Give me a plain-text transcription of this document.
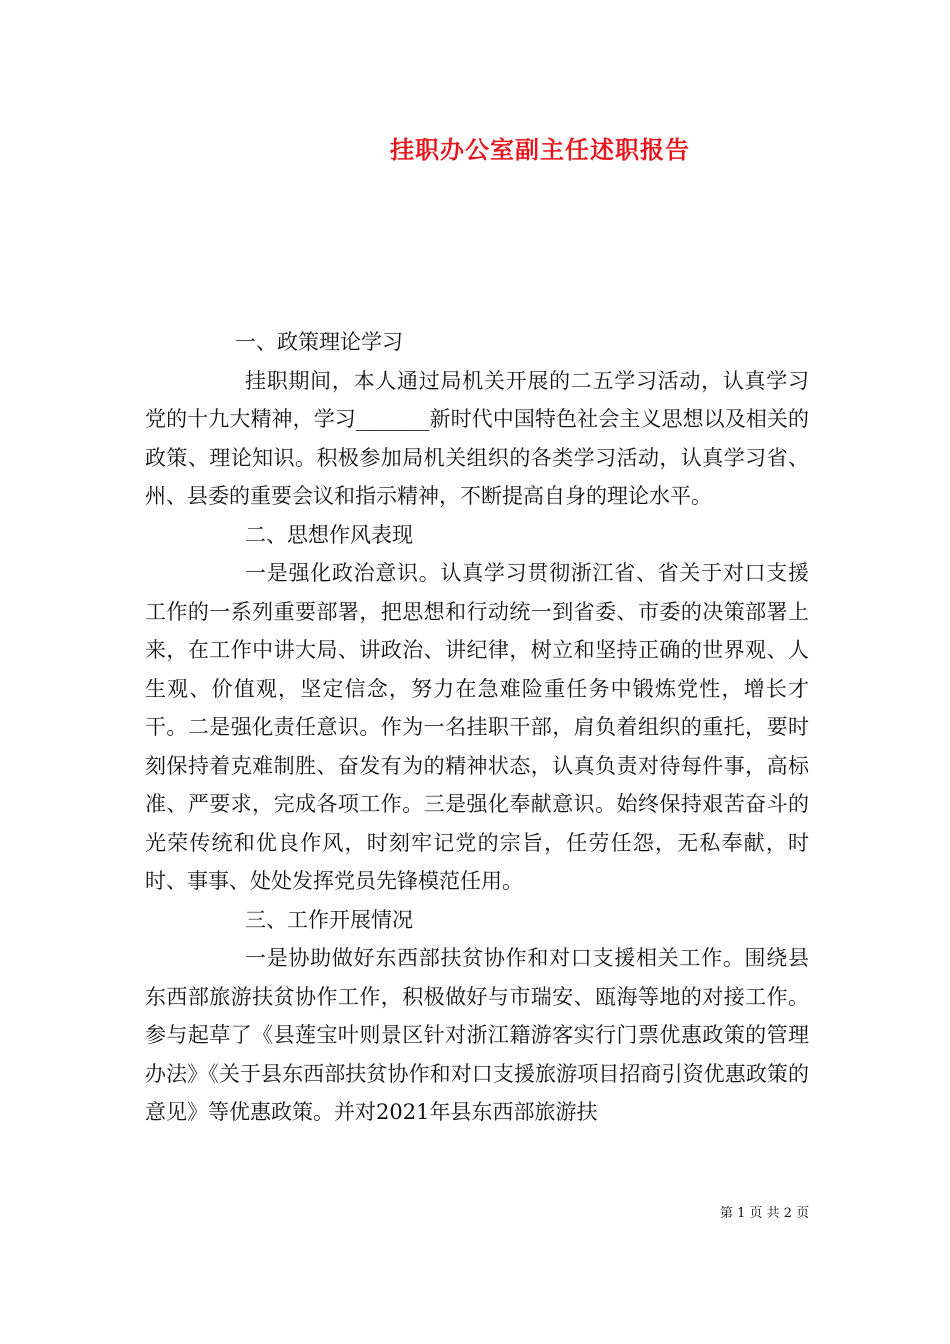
挂职办公室副主任述职报告

一、政策理论学习

挂职期间，本人通过局机关开展的二五学习活动，认真学习党的十九大精神，学习_______新时代中国特色社会主义思想以及相关的政策、理论知识。积极参加局机关组织的各类学习活动，认真学习省、州、县委的重要会议和指示精神，不断提高自身的理论水平。

二、思想作风表现

一是强化政治意识。认真学习贯彻浙江省、省关于对口支援工作的一系列重要部署，把思想和行动统一到省委、市委的决策部署上来，在工作中讲大局、讲政治、讲纪律，树立和坚持正确的世界观、人生观、价值观，坚定信念，努力在急难险重任务中锻炼党性，增长才干。二是强化责任意识。作为一名挂职干部，肩负着组织的重托，要时刻保持着克难制胜、奋发有为的精神状态，认真负责对待每件事，高标准、严要求，完成各项工作。三是强化奉献意识。始终保持艰苦奋斗的光荣传统和优良作风，时刻牢记党的宗旨，任劳任怨，无私奉献，时时、事事、处处发挥党员先锋模范任用。

三、工作开展情况

一是协助做好东西部扶贫协作和对口支援相关工作。围绕县东西部旅游扶贫协作工作，积极做好与市瑞安、瓯海等地的对接工作。参与起草了《县莲宝叶则景区针对浙江籍游客实行门票优惠政策的管理办法》《关于县东西部扶贫协作和对口支援旅游项目招商引资优惠政策的意见》等优惠政策。并对2021年县东西部旅游扶

第 1 页 共 2 页
